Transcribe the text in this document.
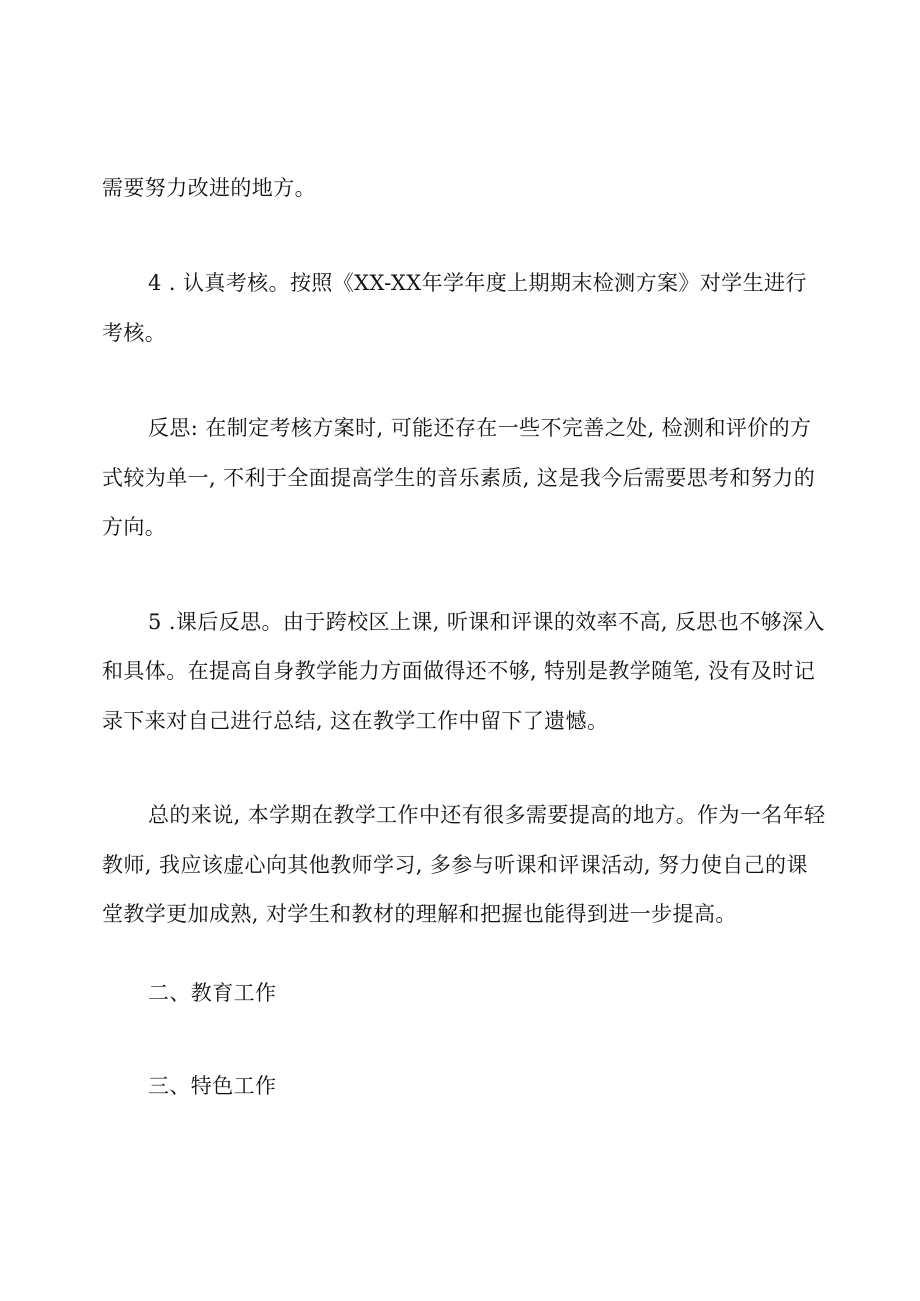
需要努力改进的地方。
4 . 认真考核。按照《XX-XX年学年度上期期末检测方案》对学生进行
考核。
反思: 在制定考核方案时, 可能还存在一些不完善之处, 检测和评价的方
式较为单一, 不利于全面提高学生的音乐素质, 这是我今后需要思考和努力的
方向。
5 .课后反思。由于跨校区上课, 听课和评课的效率不高, 反思也不够深入
和具体。在提高自身教学能力方面做得还不够, 特别是教学随笔, 没有及时记
录下来对自己进行总结, 这在教学工作中留下了遗憾。
总的来说, 本学期在教学工作中还有很多需要提高的地方。作为一名年轻
教师, 我应该虚心向其他教师学习, 多参与听课和评课活动, 努力使自己的课
堂教学更加成熟, 对学生和教材的理解和把握也能得到进一步提高。
二、教育工作
三、特色工作
